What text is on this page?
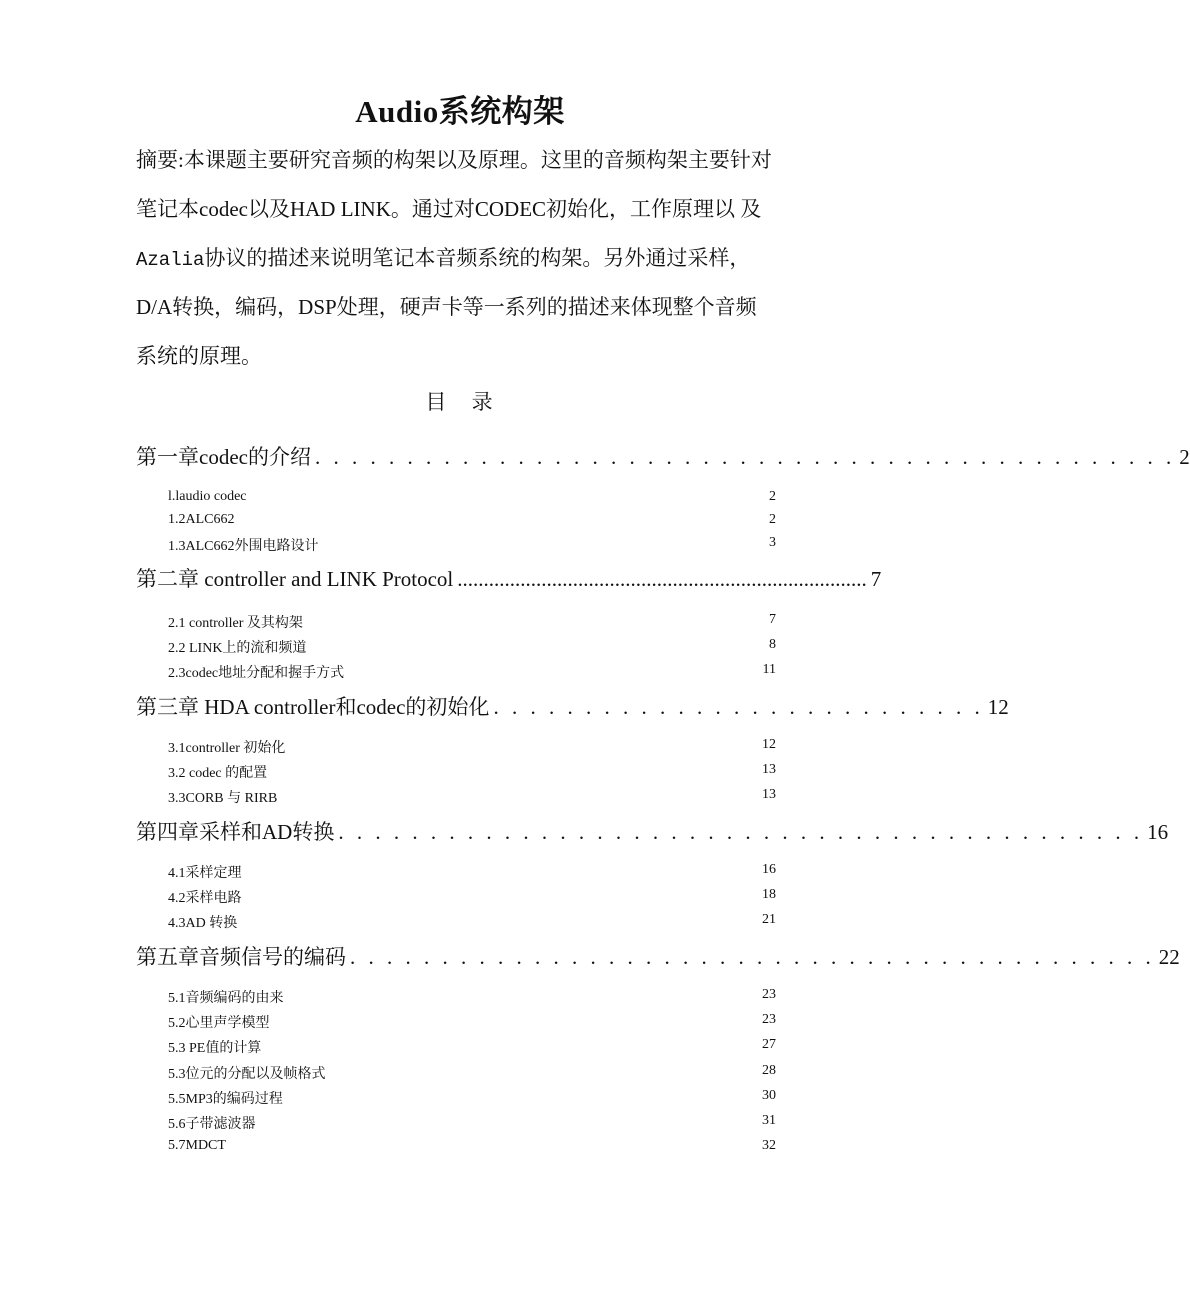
Audio系统构架
摘要:本课题主要研究音频的构架以及原理。这里的音频构架主要针对
笔记本codec以及HAD LINK。通过对CODEC初始化，工作原理以 及
Azalia协议的描述来说明笔记本音频系统的构架。另外通过采样，
D/A转换，编码，DSP处理，硬声卡等一系列的描述来体现整个音频
系统的原理。
目 录
第一章codec的介绍 . . . . . . . . . . . . . . . . . . . . . . . . . . . . . . . . . . . . . . . . . . . . . . . 2
l.laudio codec	2
1.2ALC662	2
1.3ALC662外围电路设计	3
第二章 controller and LINK Protocol .............................................................................. 7
2.1 controller 及其构架	7
2.2 LINK上的流和频道	8
2.3codec地址分配和握手方式	11
第三章 HDA controller和codec的初始化 . . . . . . . . . . . . . . . . . . . . . . . . . . . 12
3.1controller 初始化	12
3.2 codec 的配置	13
3.3CORB 与 RIRB	13
第四章采样和AD转换 . . . . . . . . . . . . . . . . . . . . . . . . . . . . . . . . . . . . . . . . . . . . 16
4.1采样定理	16
4.2采样电路	18
4.3AD 转换	21
第五章音频信号的编码 . . . . . . . . . . . . . . . . . . . . . . . . . . . . . . . . . . . . . . . . . . . . 22
5.1音频编码的由来	23
5.2心里声学模型	23
5.3 PE值的计算	27
5.3位元的分配以及帧格式	28
5.5MP3的编码过程	30
5.6子带滤波器	31
5.7MDCT	32
